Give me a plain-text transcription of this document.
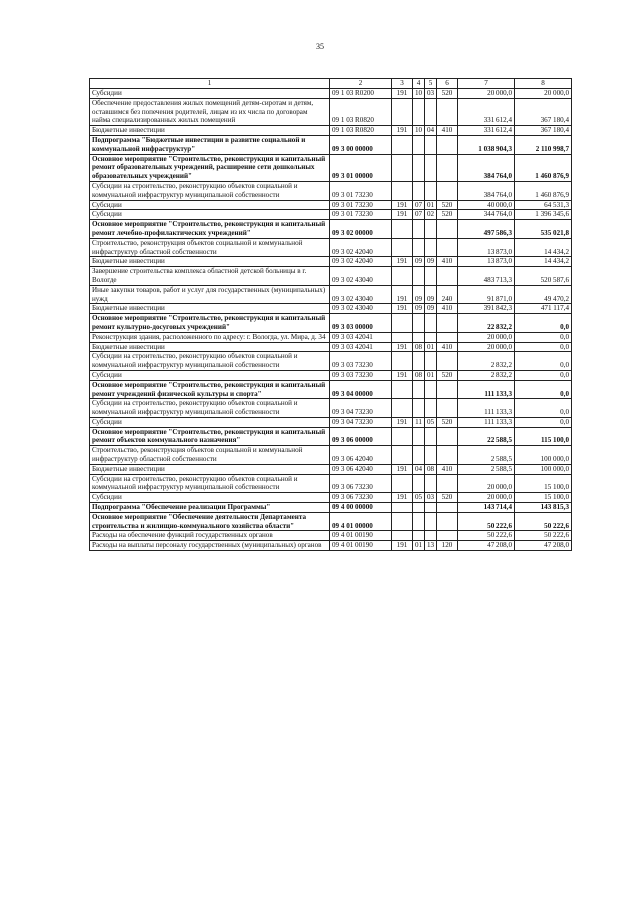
35
1	2	3	4	5	6	7	8
Субсидии	09 1 03 R0200	191	10	03	520	20 000,0	20 000,0
Обеспечение предоставления жилых помещений детям-сиротам и детям, оставшимся без попечения родителей, лицам из их числа по договорам найма специализированных жилых помещений	09 1 03 R0820					331 612,4	367 180,4
Бюджетные инвестиции	09 1 03 R0820	191	10	04	410	331 612,4	367 180,4
Подпрограмма "Бюджетные инвестиции в развитие социальной и коммунальной инфраструктур"	09 3 00 00000					1 038 904,3	2 110 998,7
Основное мероприятие "Строительство, реконструкция и капитальный ремонт образовательных учреждений, расширение сети дошкольных образовательных учреждений"	09 3 01 00000					384 764,0	1 460 876,9
Субсидии на строительство, реконструкцию объектов социальной и коммунальной инфраструктур муниципальной собственности	09 3 01 73230					384 764,0	1 460 876,9
Субсидии	09 3 01 73230	191	07	01	520	40 000,0	64 531,3
Субсидии	09 3 01 73230	191	07	02	520	344 764,0	1 396 345,6
Основное мероприятие "Строительство, реконструкция и капитальный ремонт лечебно-профилактических учреждений"	09 3 02 00000					497 586,3	535 021,8
Строительство, реконструкция объектов социальной и коммунальной инфраструктур областной собственности	09 3 02 42040					13 873,0	14 434,2
Бюджетные инвестиции	09 3 02 42040	191	09	09	410	13 873,0	14 434,2
Завершение строительства комплекса областной детской больницы в г. Вологде	09 3 02 43040					483 713,3	520 587,6
Иные закупки товаров, работ и услуг для государственных (муниципальных) нужд	09 3 02 43040	191	09	09	240	91 871,0	49 470,2
Бюджетные инвестиции	09 3 02 43040	191	09	09	410	391 842,3	471 117,4
Основное мероприятие "Строительство, реконструкция и капитальный ремонт культурно-досуговых учреждений"	09 3 03 00000					22 832,2	0,0
Реконструкция здания, расположенного по адресу: г. Вологда, ул. Мира, д. 34	09 3 03 42041					20 000,0	0,0
Бюджетные инвестиции	09 3 03 42041	191	08	01	410	20 000,0	0,0
Субсидии на строительство, реконструкцию объектов социальной и коммунальной инфраструктур муниципальной собственности	09 3 03 73230					2 832,2	0,0
Субсидии	09 3 03 73230	191	08	01	520	2 832,2	0,0
Основное мероприятие "Строительство, реконструкция и капитальный ремонт учреждений физической культуры и спорта"	09 3 04 00000					111 133,3	0,0
Субсидии на строительство, реконструкцию объектов социальной и коммунальной инфраструктур муниципальной собственности	09 3 04 73230					111 133,3	0,0
Субсидии	09 3 04 73230	191	11	05	520	111 133,3	0,0
Основное мероприятие "Строительство, реконструкция и капитальный ремонт объектов коммунального назначения"	09 3 06 00000					22 588,5	115 100,0
Строительство, реконструкция объектов социальной и коммунальной инфраструктур областной собственности	09 3 06 42040					2 588,5	100 000,0
Бюджетные инвестиции	09 3 06 42040	191	04	08	410	2 588,5	100 000,0
Субсидии на строительство, реконструкцию объектов социальной и коммунальной инфраструктур муниципальной собственности	09 3 06 73230					20 000,0	15 100,0
Субсидии	09 3 06 73230	191	05	03	520	20 000,0	15 100,0
Подпрограмма "Обеспечение реализации Программы"	09 4 00 00000					143 714,4	143 815,3
Основное мероприятие "Обеспечение деятельности Департамента строительства и жилищно-коммунального хозяйства области"	09 4 01 00000					50 222,6	50 222,6
Расходы на обеспечение функций государственных органов	09 4 01 00190					50 222,6	50 222,6
Расходы на выплаты персоналу государственных (муниципальных) органов	09 4 01 00190	191	01	13	120	47 208,0	47 208,0
